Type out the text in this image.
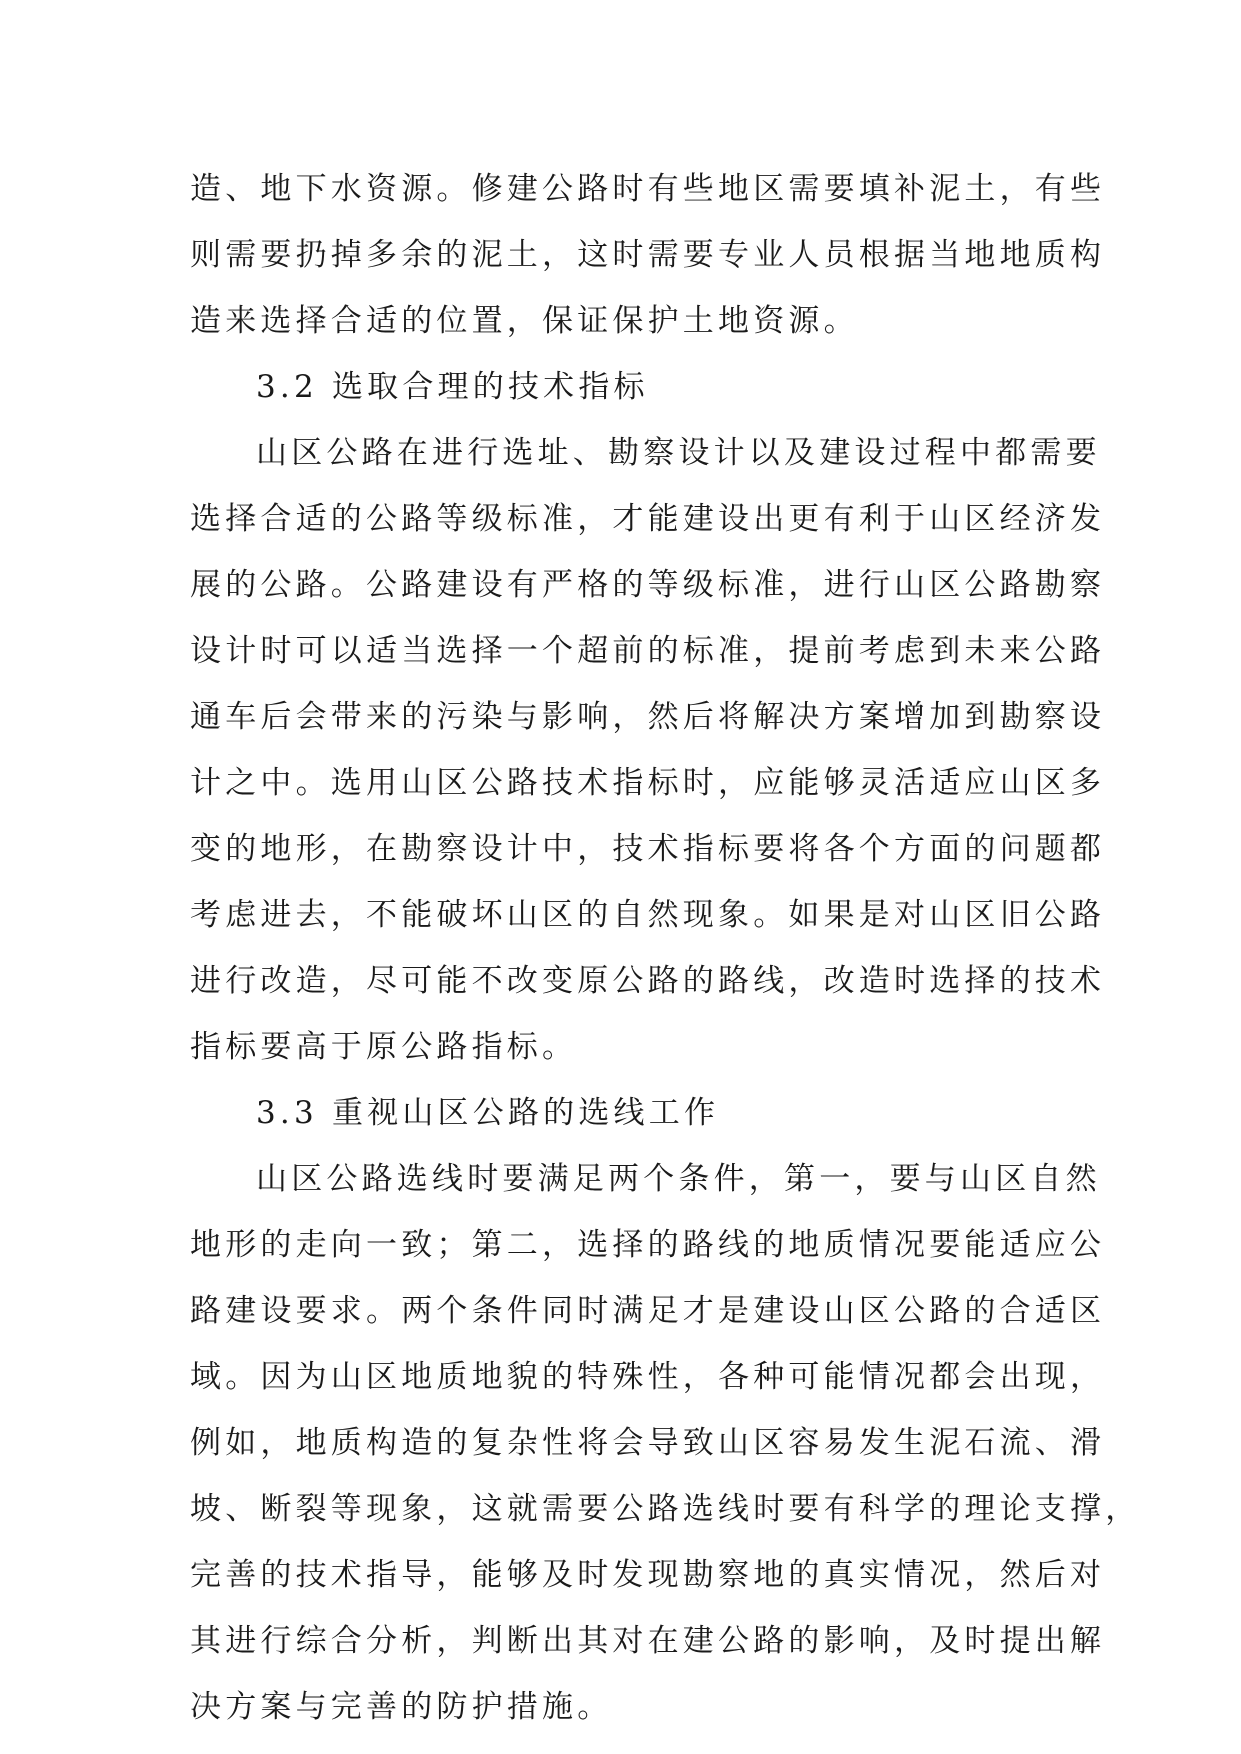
造、地下水资源。修建公路时有些地区需要填补泥土，有些
则需要扔掉多余的泥土，这时需要专业人员根据当地地质构
造来选择合适的位置，保证保护土地资源。
3.2 选取合理的技术指标
山区公路在进行选址、勘察设计以及建设过程中都需要
选择合适的公路等级标准，才能建设出更有利于山区经济发
展的公路。公路建设有严格的等级标准，进行山区公路勘察
设计时可以适当选择一个超前的标准，提前考虑到未来公路
通车后会带来的污染与影响，然后将解决方案增加到勘察设
计之中。选用山区公路技术指标时，应能够灵活适应山区多
变的地形，在勘察设计中，技术指标要将各个方面的问题都
考虑进去，不能破坏山区的自然现象。如果是对山区旧公路
进行改造，尽可能不改变原公路的路线，改造时选择的技术
指标要高于原公路指标。
3.3 重视山区公路的选线工作
山区公路选线时要满足两个条件，第一，要与山区自然
地形的走向一致；第二，选择的路线的地质情况要能适应公
路建设要求。两个条件同时满足才是建设山区公路的合适区
域。因为山区地质地貌的特殊性，各种可能情况都会出现，
例如，地质构造的复杂性将会导致山区容易发生泥石流、滑
坡、断裂等现象，这就需要公路选线时要有科学的理论支撑，
完善的技术指导，能够及时发现勘察地的真实情况，然后对
其进行综合分析，判断出其对在建公路的影响，及时提出解
决方案与完善的防护措施。
